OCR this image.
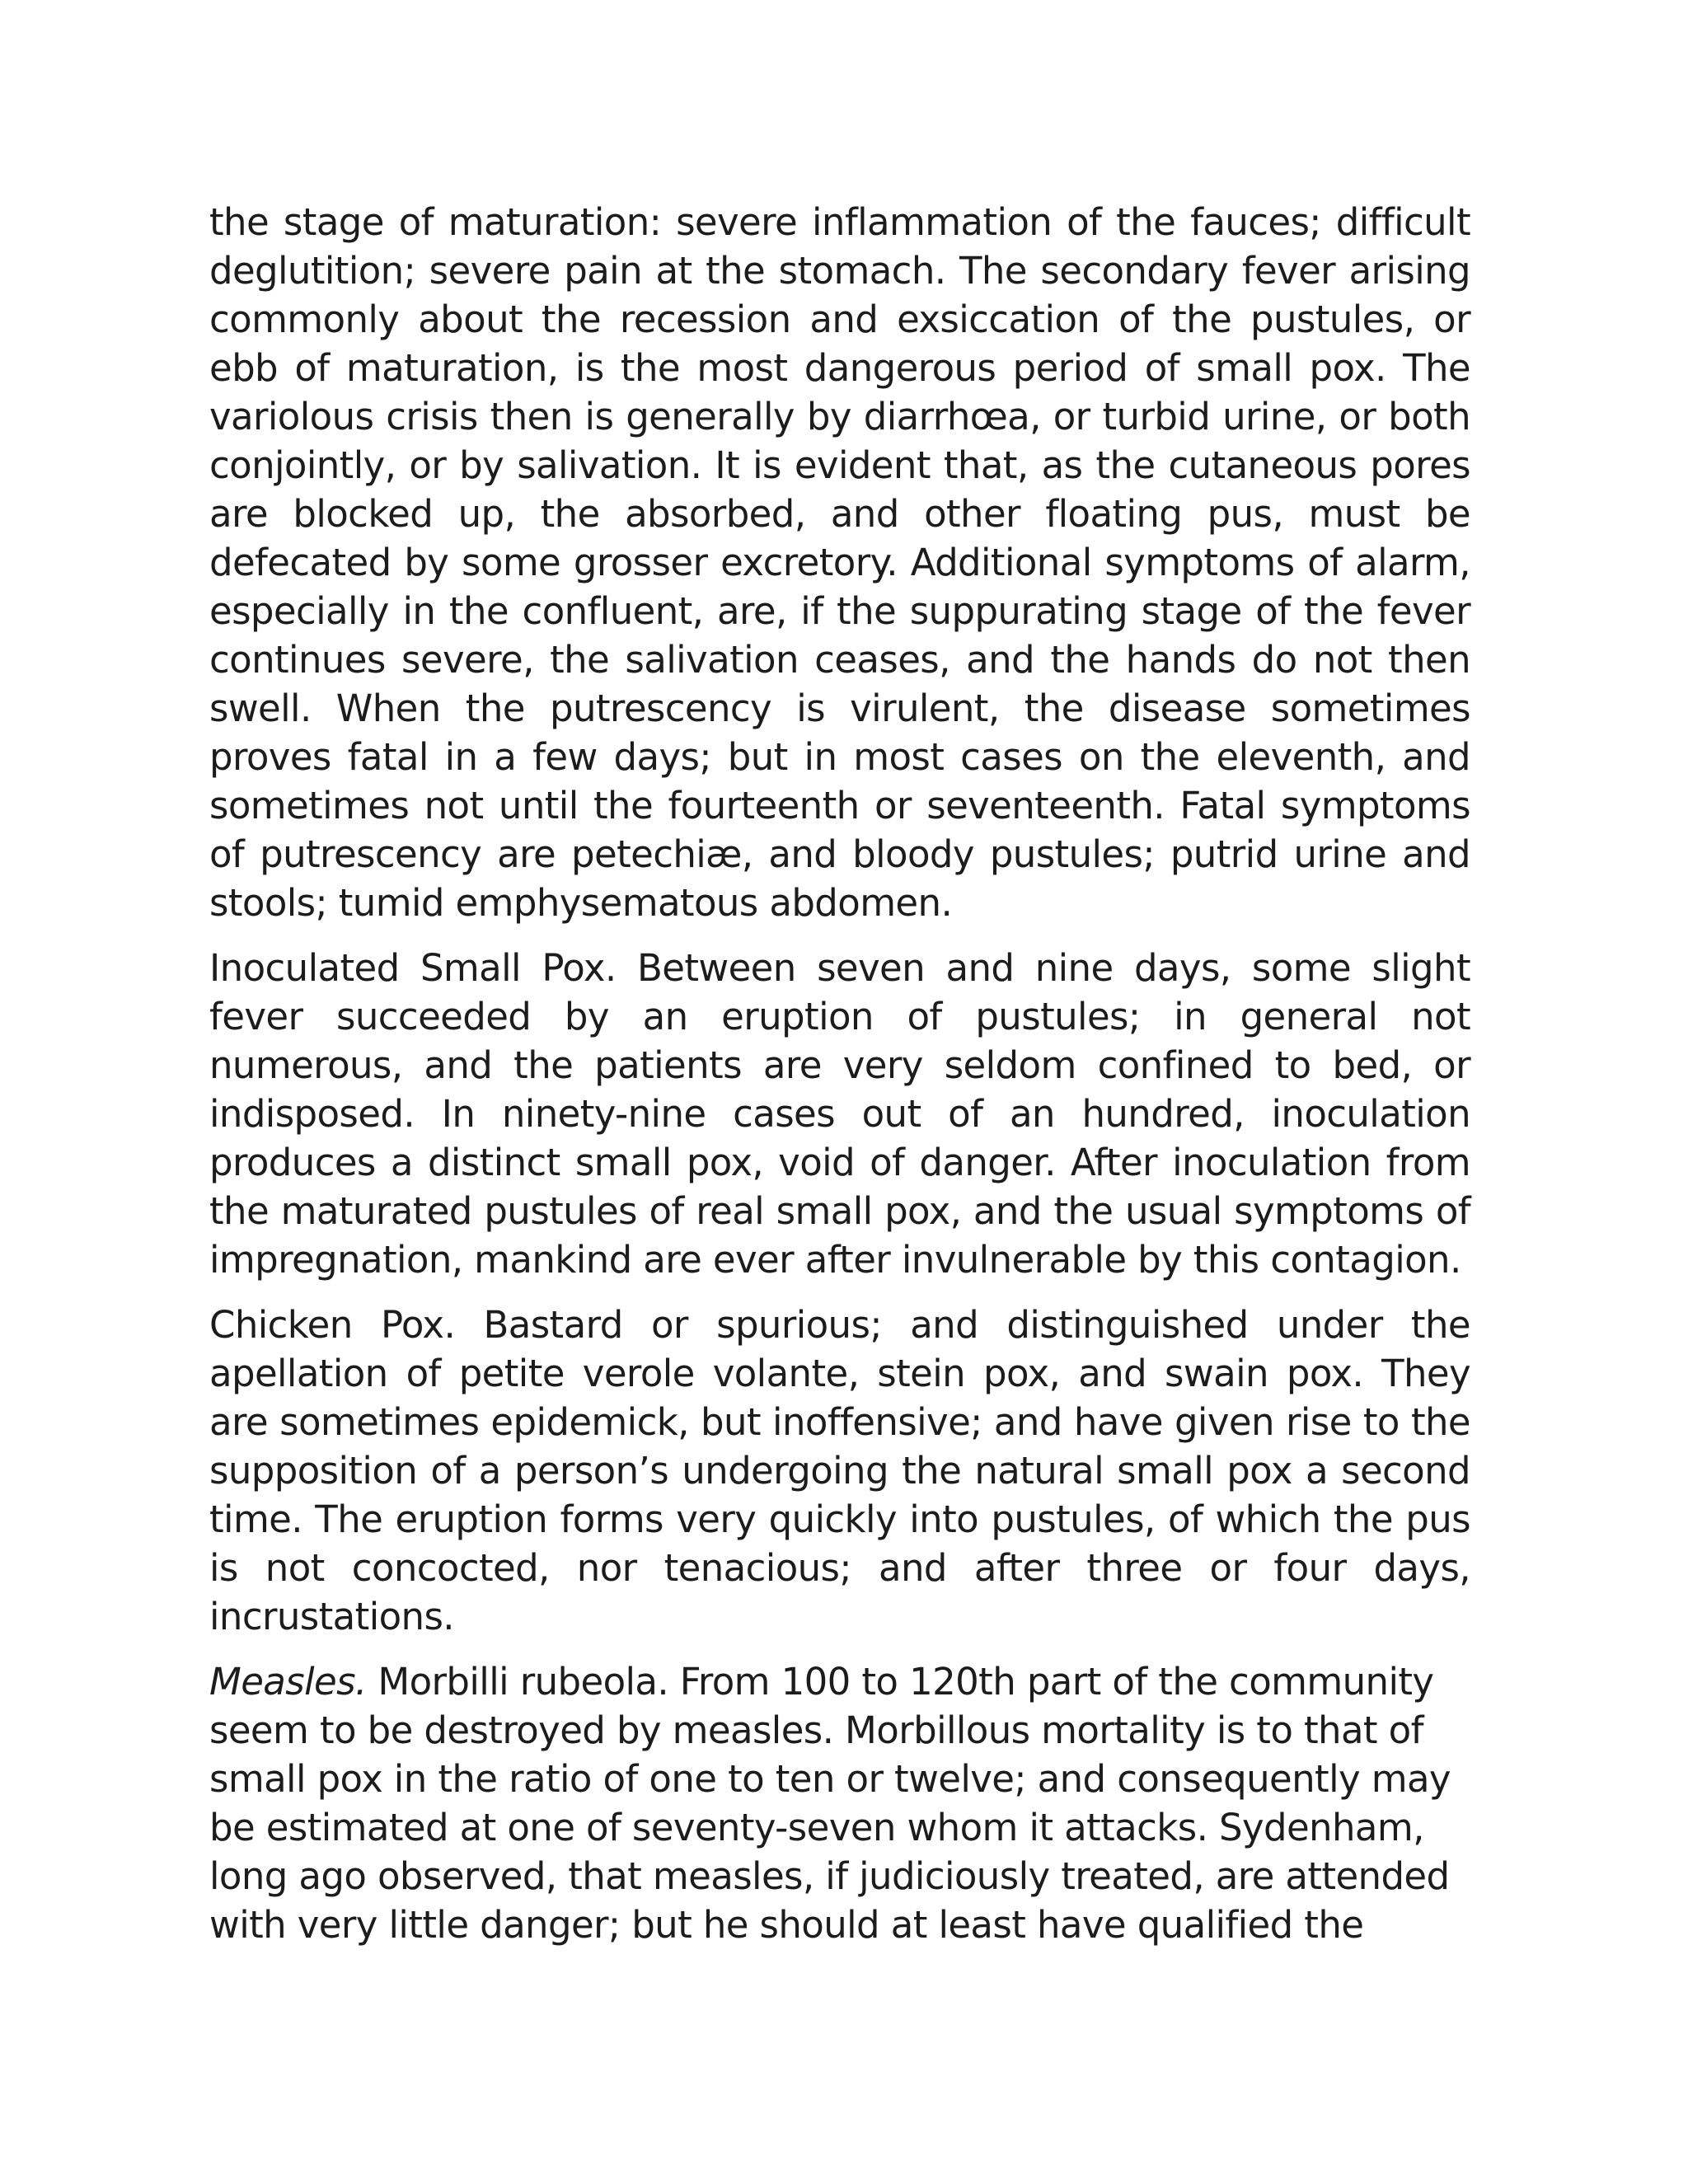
the stage of maturation: severe inflammation of the fauces; difficult deglutition; severe pain at the stomach. The secondary fever arising commonly about the recession and exsiccation of the pustules, or ebb of maturation, is the most dangerous period of small pox. The variolous crisis then is generally by diarrhœa, or turbid urine, or both conjointly, or by salivation. It is evident that, as the cutaneous pores are blocked up, the absorbed, and other floating pus, must be defecated by some grosser excretory. Additional symptoms of alarm, especially in the confluent, are, if the suppurating stage of the fever continues severe, the salivation ceases, and the hands do not then swell. When the putrescency is virulent, the disease sometimes proves fatal in a few days; but in most cases on the eleventh, and sometimes not until the fourteenth or seventeenth. Fatal symptoms of putrescency are petechiæ, and bloody pustules; putrid urine and stools; tumid emphysematous abdomen.

Inoculated Small Pox. Between seven and nine days, some slight fever succeeded by an eruption of pustules; in general not numerous, and the patients are very seldom confined to bed, or indisposed. In ninety-nine cases out of an hundred, inoculation produces a distinct small pox, void of danger. After inoculation from the maturated pustules of real small pox, and the usual symptoms of impregnation, mankind are ever after invulnerable by this contagion.

Chicken Pox. Bastard or spurious; and distinguished under the apellation of petite verole volante, stein pox, and swain pox. They are sometimes epidemick, but inoffensive; and have given rise to the supposition of a person’s undergoing the natural small pox a second time. The eruption forms very quickly into pustules, of which the pus is not concocted, nor tenacious; and after three or four days, incrustations.

Measles. Morbilli rubeola. From 100 to 120th part of the community seem to be destroyed by measles. Morbillous mortality is to that of small pox in the ratio of one to ten or twelve; and consequently may be estimated at one of seventy-seven whom it attacks. Sydenham, long ago observed, that measles, if judiciously treated, are attended with very little danger; but he should at least have qualified the
